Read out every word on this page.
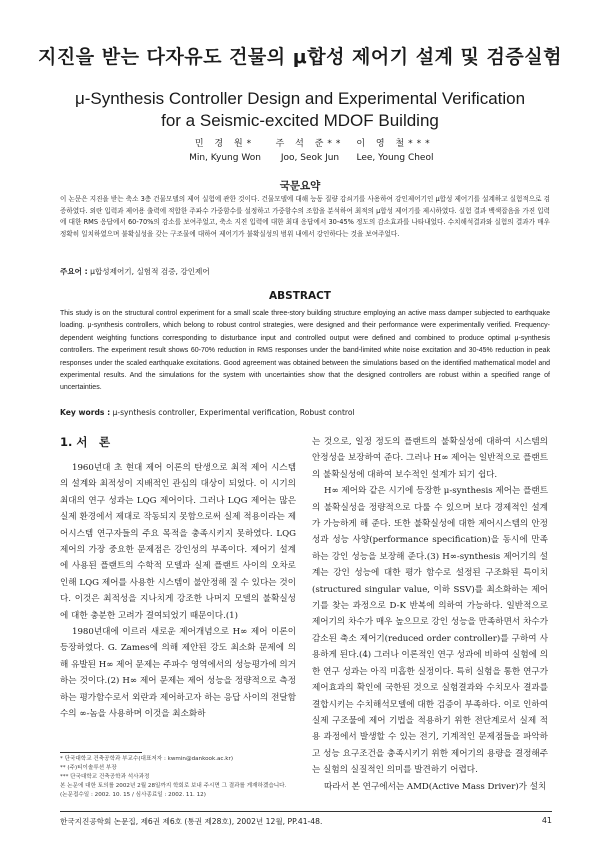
지진을 받는 다자유도 건물의 μ합성 제어기 설계 및 검증실험
μ-Synthesis Controller Design and Experimental Verification
for a Seismic-excited MDOF Building
민 경 원*
Min, Kyung Won
주 석 준**
Joo, Seok Jun
이 영 철***
Lee, Young Cheol
국문요약
이 논문은 지진을 받는 축소 3층 건물모델의 제어 실험에 관한 것이다. 건물모델에 대해 능동 질량 감쇠기를 사용하여 강인제어기인 μ합성 제어기를 설계하고 실험적으로 검증하였다. 외란 입력과 제어용 출력에 적합한 주파수 가중함수를 설정하고 가중함수의 조합을 분석하여 최적의 μ합성 제어기를 제시하였다. 실험 결과 백색잡음을 가진 입력에 대한 RMS 응답에서 60-70%의 감소를 보여주었고, 축소 지진 입력에 대한 최대 응답에서 30-45% 정도의 감소효과를 나타내었다. 수치해석결과와 실험의 결과가 매우 정확히 일치하였으며 불확실성을 갖는 구조물에 대하여 제어기가 불확실성의 범위 내에서 강인하다는 것을 보여주었다.
주요어 : μ합성제어기, 실험적 검증, 강인제어
ABSTRACT
This study is on the structural control experiment for a small scale three-story building structure employing an active mass damper subjected to earthquake loading. μ-synthesis controllers, which belong to robust control strategies, were designed and their performance were experimentally verified. Frequency-dependent weighting functions corresponding to disturbance input and controlled output were defined and combined to produce optimal μ-synthesis controllers. The experiment result shows 60-70% reduction in RMS responses under the band-limited white noise excitation and 30-45% reduction in peak responses under the scaled earthquake excitations. Good agreement was obtained between the simulations based on the identified mathematical model and experimental results. And the simulations for the system with uncertainties show that the designed controllers are robust within a specified range of uncertainties.
Key words : μ-synthesis controller, Experimental verification, Robust control
1. 서　론

1960년대 초 현대 제어 이론의 탄생으로 최적 제어 시스템의 설계와 최적성이 지배적인 관심의 대상이 되었다. 이 시기의 최대의 연구 성과는 LQG 제어이다. 그러나 LQG 제어는 많은 실제 환경에서 제대로 작동되지 못함으로써 실제 적용이라는 제어시스템 연구자들의 주요 목적을 충족시키지 못하였다. LQG 제어의 가장 중요한 문제점은 강인성의 부족이다. 제어기 설계에 사용된 플랜트의 수학적 모델과 실제 플랜트 사이의 오차로 인해 LQG 제어를 사용한 시스템이 불안정해 질 수 있다는 것이다. 이것은 최적성을 지나치게 강조한 나머지 모델의 불확실성에 대한 충분한 고려가 결여되었기 때문이다.(1)

1980년대에 이르러 새로운 제어개념으로 H∞ 제어 이론이 등장하였다. G. Zames에 의해 제안된 강도 최소화 문제에 의해 유발된 H∞ 제어 문제는 주파수 영역에서의 성능평가에 의거하는 것이다.(2) H∞ 제어 문제는 제어 성능을 정량적으로 측정하는 평가함수로서 외란과 제어하고자 하는 응답 사이의 전달함수의 ∞-놈을 사용하며 이것을 최소화하

* 단국대학교 건축공학과 부교수(대표저자 : kwmin@dankook.ac.kr)
** (주)티이솔루션 부장
*** 단국대학교 건축공학과 석사과정
본 논문에 대한 토의를 2002년 2월 28일까지 학회로 보내 주시면 그 결과를 게재하겠습니다.　　(논문접수일 : 2002. 10. 15 / 심사종료일 : 2002. 11. 12)

는 것으로, 일정 정도의 플랜트의 불확실성에 대하여 시스템의 안정성을 보장하여 준다. 그러나 H∞ 제어는 일반적으로 플랜트의 불확실성에 대하여 보수적인 설계가 되기 쉽다.

H∞ 제어와 같은 시기에 등장한 μ-synthesis 제어는 플랜트의 불확실성을 정량적으로 다룰 수 있으며 보다 경제적인 설계가 가능하게 해 준다. 또한 불확실성에 대한 제어시스템의 안정성과 성능 사양(performance specification)을 동시에 만족하는 강인 성능을 보장해 준다.(3) H∞-synthesis 제어기의 설계는 강인 성능에 대한 평가 함수로 설정된 구조화된 특이치(structured singular value, 이하 SSV)를 최소화하는 제어기를 찾는 과정으로 D-K 반복에 의하여 가능하다. 일반적으로 제어기의 차수가 매우 높으므로 강인 성능을 만족하면서 차수가 감소된 축소 제어기(reduced order controller)를 구하여 사용하게 된다.(4) 그러나 이론적인 연구 성과에 비하여 실험에 의한 연구 성과는 아직 미흡한 실정이다. 특히 실험을 통한 연구가 제어효과의 확인에 국한된 것으로 실험결과와 수치모사 결과를 결합시키는 수치해석모델에 대한 검증이 부족하다. 이로 인하여 실제 구조물에 제어 기법을 적용하기 위한 전단계로서 실제 적용 과정에서 발생할 수 있는 전기, 기계적인 문제점들을 파악하고 성능 요구조건을 충족시키기 위한 제어기의 용량을 결정해주는 실험의 실질적인 의미를 발견하기 어렵다.

따라서 본 연구에서는 AMD(Active Mass Driver)가 설치

한국지진공학회 논문집, 제6권 제6호 (통권 제28호), 2002년 12월, PP.41-48.	41
